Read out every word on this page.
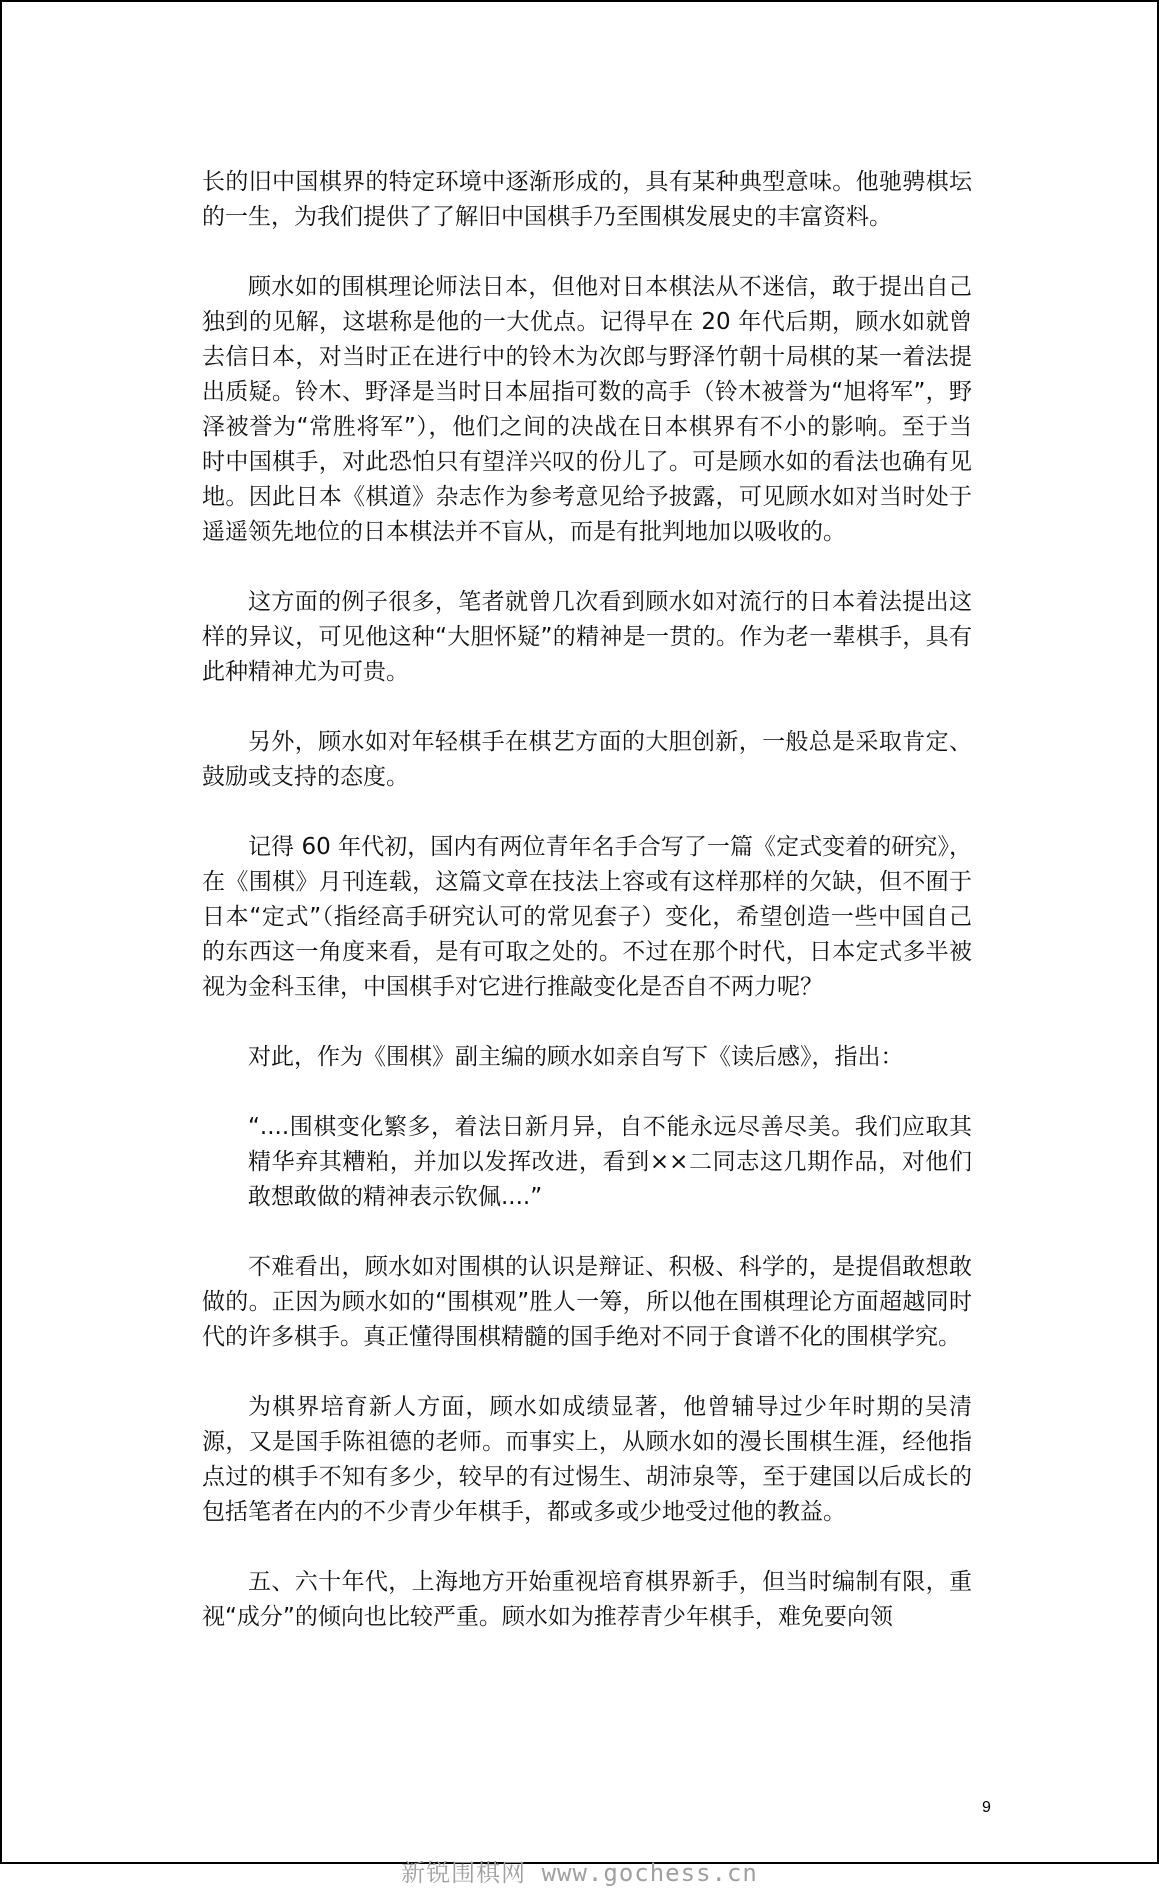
长的旧中国棋界的特定环境中逐渐形成的，具有某种典型意味。他驰骋棋坛的一生，为我们提供了了解旧中国棋手乃至围棋发展史的丰富资料。

顾水如的围棋理论师法日本，但他对日本棋法从不迷信，敢于提出自己独到的见解，这堪称是他的一大优点。记得早在 20 年代后期，顾水如就曾去信日本，对当时正在进行中的铃木为次郎与野泽竹朝十局棋的某一着法提出质疑。铃木、野泽是当时日本屈指可数的高手（铃木被誉为“旭将军”，野泽被誉为“常胜将军”），他们之间的决战在日本棋界有不小的影响。至于当时中国棋手，对此恐怕只有望洋兴叹的份儿了。可是顾水如的看法也确有见地。因此日本《棋道》杂志作为参考意见给予披露，可见顾水如对当时处于遥遥领先地位的日本棋法并不盲从，而是有批判地加以吸收的。

这方面的例子很多，笔者就曾几次看到顾水如对流行的日本着法提出这样的异议，可见他这种“大胆怀疑”的精神是一贯的。作为老一辈棋手，具有此种精神尤为可贵。

另外，顾水如对年轻棋手在棋艺方面的大胆创新，一般总是采取肯定、鼓励或支持的态度。

记得 60 年代初，国内有两位青年名手合写了一篇《定式变着的研究》，在《围棋》月刊连载，这篇文章在技法上容或有这样那样的欠缺，但不囿于日本“定式”（指经高手研究认可的常见套子）变化，希望创造一些中国自己的东西这一角度来看，是有可取之处的。不过在那个时代，日本定式多半被视为金科玉律，中国棋手对它进行推敲变化是否自不两力呢？

对此，作为《围棋》副主编的顾水如亲自写下《读后感》，指出：

“....围棋变化繁多，着法日新月异，自不能永远尽善尽美。我们应取其精华弃其糟粕，并加以发挥改进，看到××二同志这几期作品，对他们敢想敢做的精神表示钦佩....”

不难看出，顾水如对围棋的认识是辩证、积极、科学的，是提倡敢想敢做的。正因为顾水如的“围棋观”胜人一筹，所以他在围棋理论方面超越同时代的许多棋手。真正懂得围棋精髓的国手绝对不同于食谱不化的围棋学究。

为棋界培育新人方面，顾水如成绩显著，他曾辅导过少年时期的吴清源，又是国手陈祖德的老师。而事实上，从顾水如的漫长围棋生涯，经他指点过的棋手不知有多少，较早的有过惕生、胡沛泉等，至于建国以后成长的包括笔者在内的不少青少年棋手，都或多或少地受过他的教益。

五、六十年代，上海地方开始重视培育棋界新手，但当时编制有限，重视“成分”的倾向也比较严重。顾水如为推荐青少年棋手，难免要向领

9
新锐围棋网 www.gochess.cn
